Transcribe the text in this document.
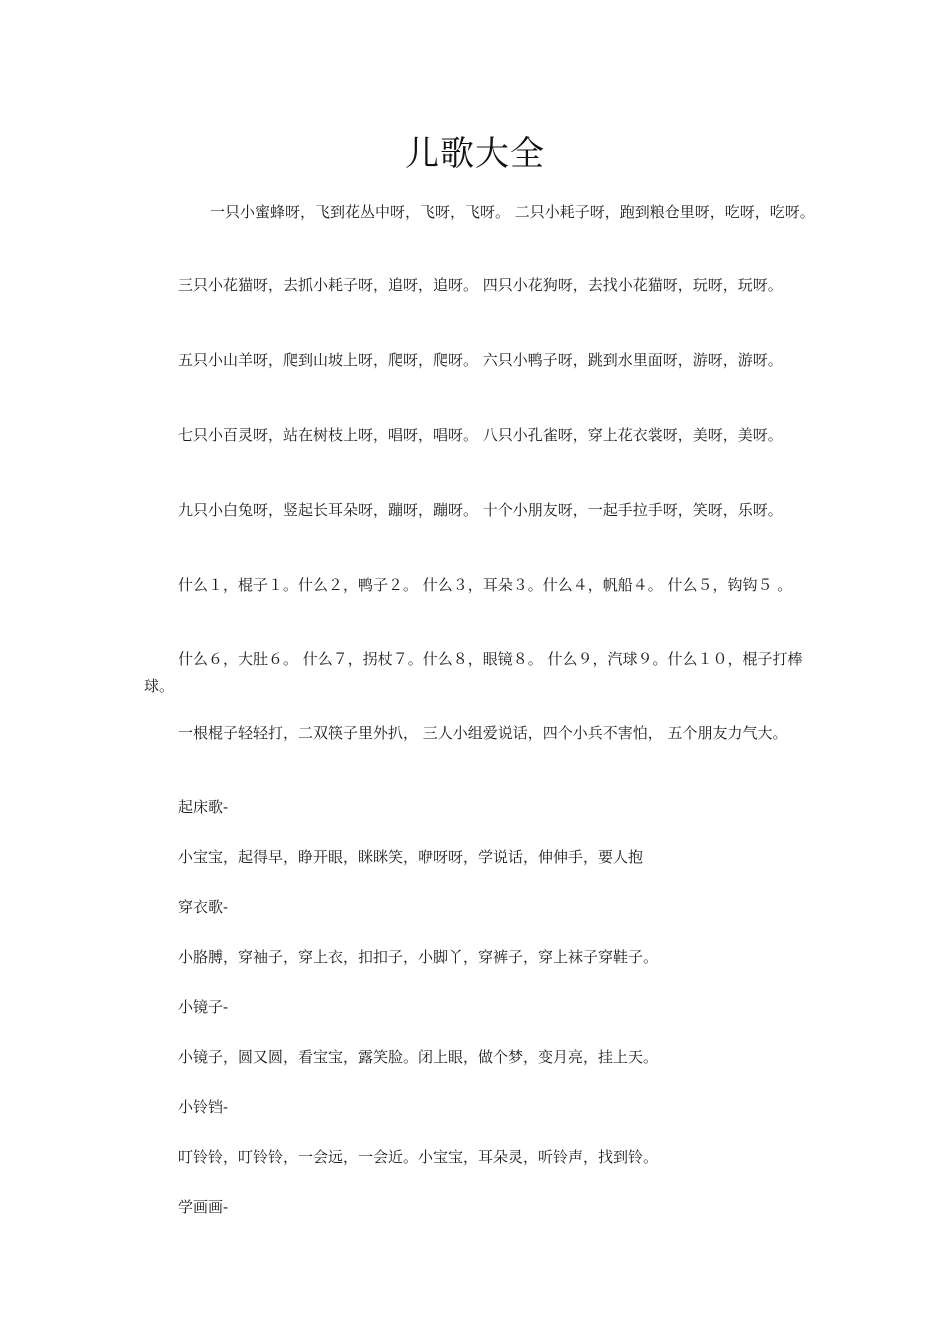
儿歌大全

一只小蜜蜂呀，飞到花丛中呀，飞呀，飞呀。 二只小耗子呀，跑到粮仓里呀，吃呀，吃呀。

三只小花猫呀，去抓小耗子呀，追呀，追呀。 四只小花狗呀，去找小花猫呀，玩呀，玩呀。

五只小山羊呀，爬到山坡上呀，爬呀，爬呀。 六只小鸭子呀，跳到水里面呀，游呀，游呀。

七只小百灵呀，站在树枝上呀，唱呀，唱呀。 八只小孔雀呀，穿上花衣裳呀，美呀，美呀。

九只小白兔呀，竖起长耳朵呀，蹦呀，蹦呀。 十个小朋友呀，一起手拉手呀，笑呀，乐呀。

什么１，棍子１。什么２，鸭子２。 什么３，耳朵３。什么４，帆船４。 什么５，钩钩５ 。

什么６，大肚６。 什么７，拐杖７。什么８，眼镜８。 什么９，汽球９。什么１０，棍子打棒球。

一根棍子轻轻打，二双筷子里外扒， 三人小组爱说话，四个小兵不害怕， 五个朋友力气大。

起床歌-

小宝宝，起得早，睁开眼，眯眯笑，咿呀呀，学说话，伸伸手，要人抱

穿衣歌-

小胳膊，穿袖子，穿上衣，扣扣子，小脚丫，穿裤子，穿上袜子穿鞋子。

小镜子-

小镜子，圆又圆，看宝宝，露笑脸。闭上眼，做个梦，变月亮，挂上天。

小铃铛-

叮铃铃，叮铃铃，一会远，一会近。小宝宝，耳朵灵，听铃声，找到铃。

学画画-
